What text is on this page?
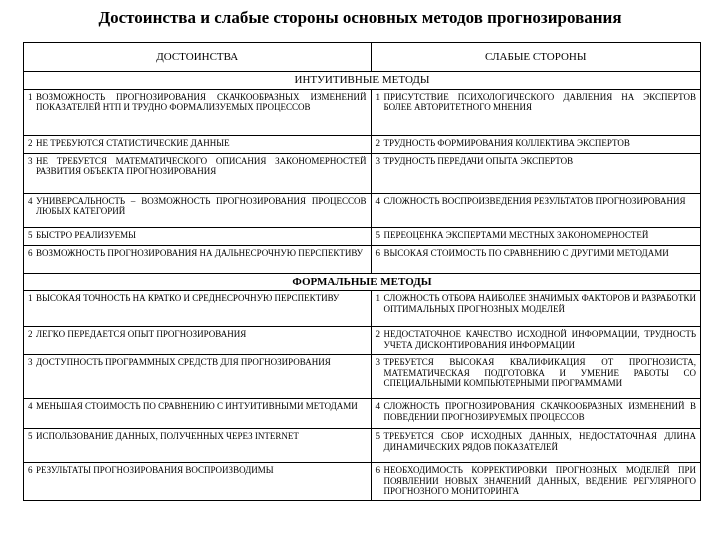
Достоинства и слабые стороны основных методов прогнозирования
ДОСТОИНСТВА	СЛАБЫЕ СТОРОНЫ
ИНТУИТИВНЫЕ МЕТОДЫ	

1 ВОЗМОЖНОСТЬ ПРОГНОЗИРОВАНИЯ СКАЧКООБРАЗНЫХ ИЗМЕНЕНИЙ ПОКАЗАТЕЛЕЙ НТП И ТРУДНО ФОРМАЛИЗУЕМЫХ ПРОЦЕССОВ	1 ПРИСУТСТВИЕ ПСИХОЛОГИЧЕСКОГО ДАВЛЕНИЯ НА ЭКСПЕРТОВ БОЛЕЕ АВТОРИТЕТНОГО МНЕНИЯ

2 НЕ ТРЕБУЮТСЯ СТАТИСТИЧЕСКИЕ ДАННЫЕ	2 ТРУДНОСТЬ ФОРМИРОВАНИЯ КОЛЛЕКТИВА ЭКСПЕРТОВ

3 НЕ ТРЕБУЕТСЯ МАТЕМАТИЧЕСКОГО ОПИСАНИЯ ЗАКОНОМЕРНОСТЕЙ РАЗВИТИЯ ОБЪЕКТА ПРОГНОЗИРОВАНИЯ	3 ТРУДНОСТЬ ПЕРЕДАЧИ ОПЫТА ЭКСПЕРТОВ

4 УНИВЕРСАЛЬНОСТЬ – ВОЗМОЖНОСТЬ ПРОГНОЗИРОВАНИЯ ПРОЦЕССОВ ЛЮБЫХ КАТЕГОРИЙ	4 СЛОЖНОСТЬ ВОСПРОИЗВЕДЕНИЯ РЕЗУЛЬТАТОВ ПРОГНОЗИРОВАНИЯ

5 БЫСТРО РЕАЛИЗУЕМЫ	5 ПЕРЕОЦЕНКА ЭКСПЕРТАМИ МЕСТНЫХ ЗАКОНОМЕРНОСТЕЙ

6 ВОЗМОЖНОСТЬ ПРОГНОЗИРОВАНИЯ НА ДАЛЬНЕСРОЧНУЮ ПЕРСПЕКТИВУ	6 ВЫСОКАЯ СТОИМОСТЬ ПО СРАВНЕНИЮ С ДРУГИМИ МЕТОДАМИ

ФОРМАЛЬНЫЕ МЕТОДЫ	

1 ВЫСОКАЯ ТОЧНОСТЬ НА КРАТКО И СРЕДНЕСРОЧНУЮ ПЕРСПЕКТИВУ	1 СЛОЖНОСТЬ ОТБОРА НАИБОЛЕЕ ЗНАЧИМЫХ ФАКТОРОВ И РАЗРАБОТКИ ОПТИМАЛЬНЫХ ПРОГНОЗНЫХ МОДЕЛЕЙ

2 ЛЕГКО ПЕРЕДАЕТСЯ ОПЫТ ПРОГНОЗИРОВАНИЯ	2 НЕДОСТАТОЧНОЕ КАЧЕСТВО ИСХОДНОЙ ИНФОРМАЦИИ, ТРУДНОСТЬ УЧЕТА ДИСКОНТИРОВАНИЯ ИНФОРМАЦИИ

3 ДОСТУПНОСТЬ ПРОГРАММНЫХ СРЕДСТВ ДЛЯ ПРОГНОЗИРОВАНИЯ	3 ТРЕБУЕТСЯ ВЫСОКАЯ КВАЛИФИКАЦИЯ ОТ ПРОГНОЗИСТА, МАТЕМАТИЧЕСКАЯ ПОДГОТОВКА И УМЕНИЕ РАБОТЫ СО СПЕЦИАЛЬНЫМИ КОМПЬЮТЕРНЫМИ ПРОГРАММАМИ

4 МЕНЬШАЯ СТОИМОСТЬ ПО СРАВНЕНИЮ С ИНТУИТИВНЫМИ МЕТОДАМИ	4 СЛОЖНОСТЬ ПРОГНОЗИРОВАНИЯ СКАЧКООБРАЗНЫХ ИЗМЕНЕНИЙ В ПОВЕДЕНИИ ПРОГНОЗИРУЕМЫХ ПРОЦЕССОВ

5 ИСПОЛЬЗОВАНИЕ ДАННЫХ, ПОЛУЧЕННЫХ ЧЕРЕЗ INTERNET	5 ТРЕБУЕТСЯ СБОР ИСХОДНЫХ ДАННЫХ, НЕДОСТАТОЧНАЯ ДЛИНА ДИНАМИЧЕСКИХ РЯДОВ ПОКАЗАТЕЛЕЙ

6 РЕЗУЛЬТАТЫ ПРОГНОЗИРОВАНИЯ ВОСПРОИЗВОДИМЫ	6 НЕОБХОДИМОСТЬ КОРРЕКТИРОВКИ ПРОГНОЗНЫХ МОДЕЛЕЙ ПРИ ПОЯВЛЕНИИ НОВЫХ ЗНАЧЕНИЙ ДАННЫХ, ВЕДЕНИЕ РЕГУЛЯРНОГО ПРОГНОЗНОГО МОНИТОРИНГА
